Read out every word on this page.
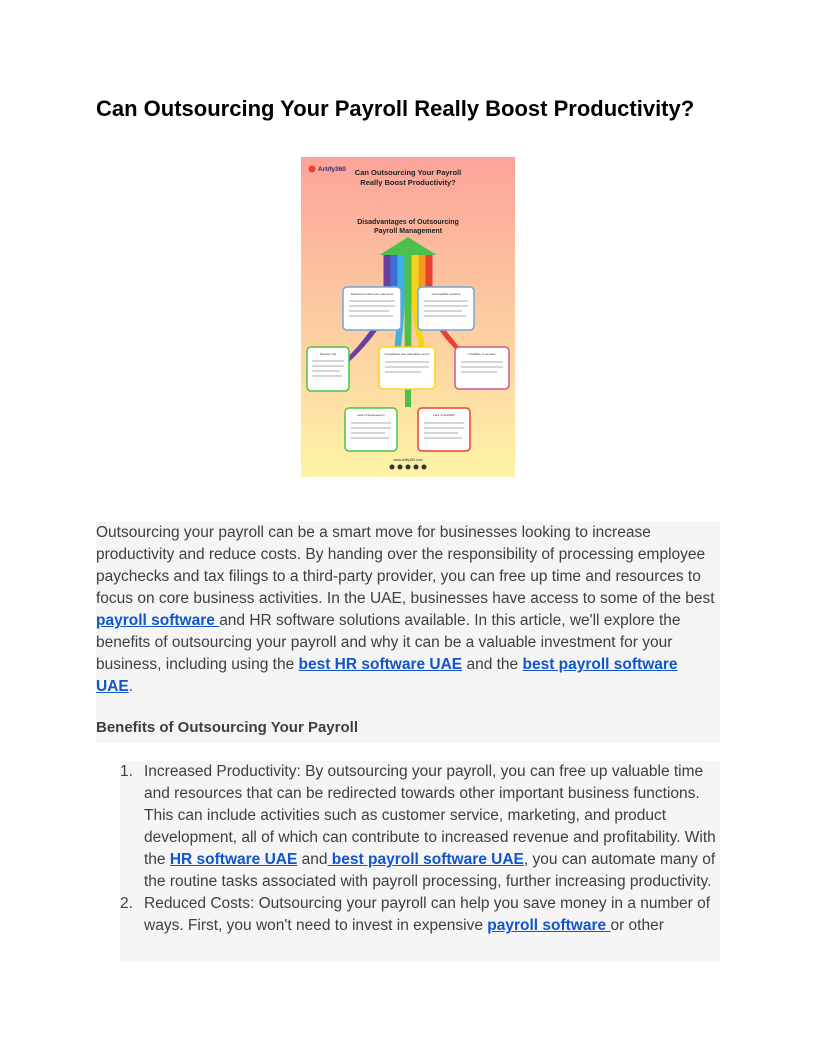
Can Outsourcing Your Payroll Really Boost Productivity?
Artify360 Can Outsourcing Your Payroll
Really Boost Productivity?
Disadvantages of Outsourcing
Payroll Management
Reduced control over payments	Incompatible systems
Security risk	Compliance and calculation errors	Instability of vendors
Lack of transparency	Lack of flexibility
www.artify360.com

Outsourcing your payroll can be a smart move for businesses looking to increase productivity and reduce costs. By handing over the responsibility of processing employee paychecks and tax filings to a third-party provider, you can free up time and resources to focus on core business activities. In the UAE, businesses have access to some of the best payroll software and HR software solutions available. In this article, we'll explore the benefits of outsourcing your payroll and why it can be a valuable investment for your business, including using the best HR software UAE and the best payroll software UAE.

Benefits of Outsourcing Your Payroll
1. Increased Productivity: By outsourcing your payroll, you can free up valuable time and resources that can be redirected towards other important business functions. This can include activities such as customer service, marketing, and product development, all of which can contribute to increased revenue and profitability. With the HR software UAE and best payroll software UAE, you can automate many of the routine tasks associated with payroll processing, further increasing productivity.
2. Reduced Costs: Outsourcing your payroll can help you save money in a number of ways. First, you won't need to invest in expensive payroll software or other
